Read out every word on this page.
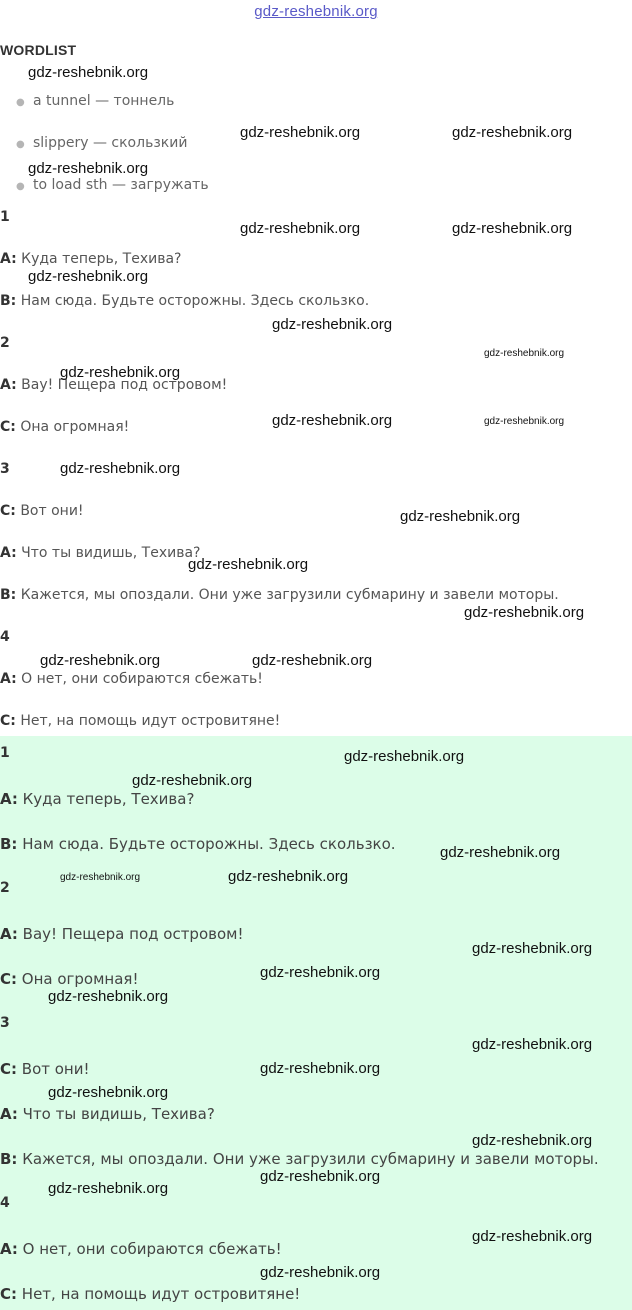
gdz-reshebnik.org
WORDLIST
● a tunnel — тоннель
● slippery — скользкий
● to load sth — загружать
1
A: Куда теперь, Техива?
B: Нам сюда. Будьте осторожны. Здесь скользко.
2
A: Вау! Пещера под островом!
C: Она огромная!
3
C: Вот они!
A: Что ты видишь, Техива?
B: Кажется, мы опоздали. Они уже загрузили субмарину и завели моторы.
4
A: О нет, они собираются сбежать!
C: Нет, на помощь идут островитяне!
1
A: Куда теперь, Техива?
B: Нам сюда. Будьте осторожны. Здесь скользко.
2
A: Вау! Пещера под островом!
C: Она огромная!
3
C: Вот они!
A: Что ты видишь, Техива?
B: Кажется, мы опоздали. Они уже загрузили субмарину и завели моторы.
4
A: О нет, они собираются сбежать!
C: Нет, на помощь идут островитяне!
gdz-reshebnik.org
gdz-reshebnik.org	gdz-reshebnik.org
gdz-reshebnik.org
gdz-reshebnik.org	gdz-reshebnik.org
gdz-reshebnik.org
gdz-reshebnik.org
gdz-reshebnik.org
gdz-reshebnik.org
gdz-reshebnik.org	gdz-reshebnik.org
gdz-reshebnik.org
gdz-reshebnik.org
gdz-reshebnik.org
gdz-reshebnik.org
gdz-reshebnik.org	gdz-reshebnik.org
gdz-reshebnik.org
gdz-reshebnik.org
gdz-reshebnik.org
gdz-reshebnik.org	gdz-reshebnik.org
gdz-reshebnik.org
gdz-reshebnik.org
gdz-reshebnik.org
gdz-reshebnik.org
gdz-reshebnik.org
gdz-reshebnik.org
gdz-reshebnik.org
gdz-reshebnik.org
gdz-reshebnik.org
gdz-reshebnik.org
gdz-reshebnik.org
